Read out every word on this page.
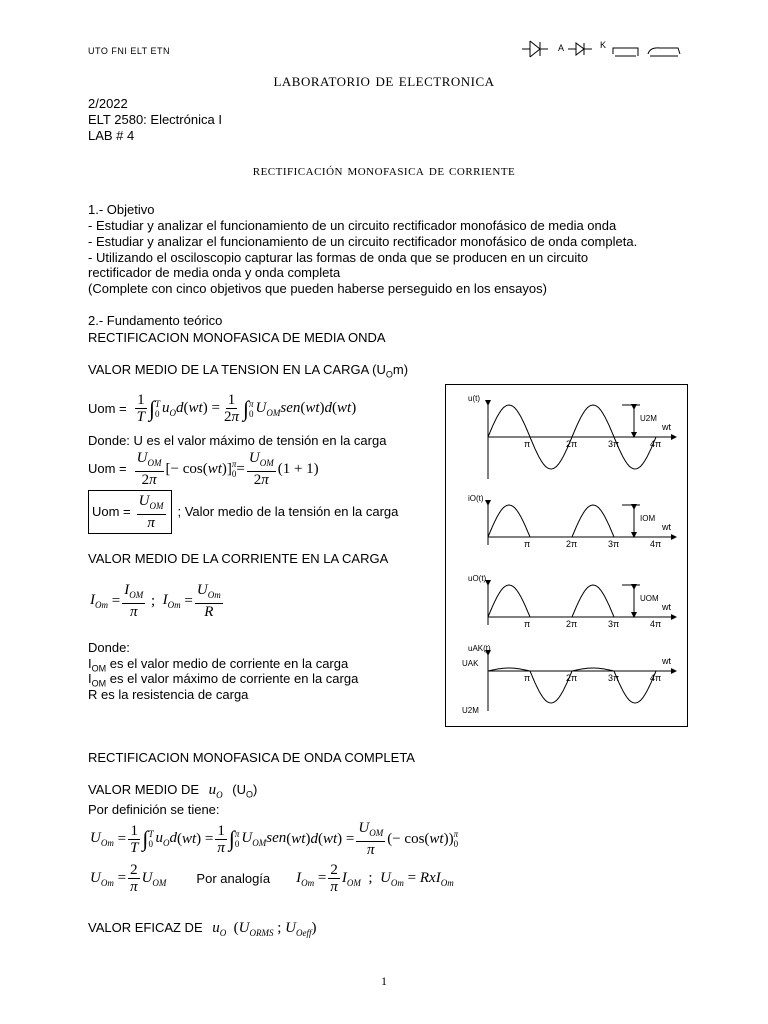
UTO FNI ELT ETN	A	K
laboratorio de electronica
2/2022
ELT 2580: Electrónica I
LAB # 4
rectificación monofasica de corriente
1.- Objetivo
- Estudiar y analizar el funcionamiento de un circuito rectificador monofásico de media onda
- Estudiar y analizar el funcionamiento de un circuito rectificador monofásico de onda completa.
- Utilizando el osciloscopio capturar las formas de onda que se producen en un circuito
rectificador de media onda y onda completa
(Complete con cinco objetivos que pueden haberse perseguido en los ensayos)
2.- Fundamento teórico
RECTIFICACION MONOFASICA DE MEDIA ONDA
VALOR MEDIO DE LA TENSION EN LA CARGA $(U_Om)$
Uom = $\frac{1}{T}$ ∫ T
0 $u_Od$ ( wt ) = $\frac{1}{2\pi}$ ∫ π
0 $U_{OM}sen$ ( wt ) d ( wt )
Donde: U es el valor máximo de tensión en la carga
Uom = $\frac{U_{OM}}{2\pi}$ [− cos( wt )] π
$0 = \frac{U_{OM}}{2\pi} (1 + 1)$
Uom = $\frac{U_{OM}}{\pi}$ ; Valor medio de la tensión en la carga
VALOR MEDIO DE LA CORRIENTE EN LA CARGA
$I_{Om} = \frac{I_{OM}}{\pi}$ ; $I_{Om} = \frac{U_{Om}}{R}$
Donde:
$I_{OM}$ es el valor medio de corriente en la carga
$I_{OM}$ es el valor máximo de corriente en la carga
R es la resistencia de carga
u(t)
wt
π	2π	3π	4π
U2M
iO(t)
wt
π	2π	3π	4π
IOM
uO(t)
wt
π	2π	3π	4π
UOM
uAK(t)
wt
UAK
U2M
π	2π	3π	4π
RECTIFICACION MONOFASICA DE ONDA COMPLETA
VALOR MEDIO DE $u_O$ $(U_O)$
Por definición se tiene:
$U_{Om} = \frac{1}{T}$ ∫ T
0 $u_Od$ ( wt ) = $\frac{1}{\pi}$ ∫ π
0 $U_{OM}sen$ ( wt ) d ( wt ) = $\frac{U_{OM}}{\pi}$ (− cos( wt )) π
0
$U_{Om} = \frac{2}{\pi} U_{OM}$ Por analogía $I_{Om} = \frac{2}{\pi} I_{OM}$ ; $U_{Om} = RxI_{Om}$
VALOR EFICAZ DE $u_O$  ($U_{ORMS}$ ; $U_{Oeff}$)
1
